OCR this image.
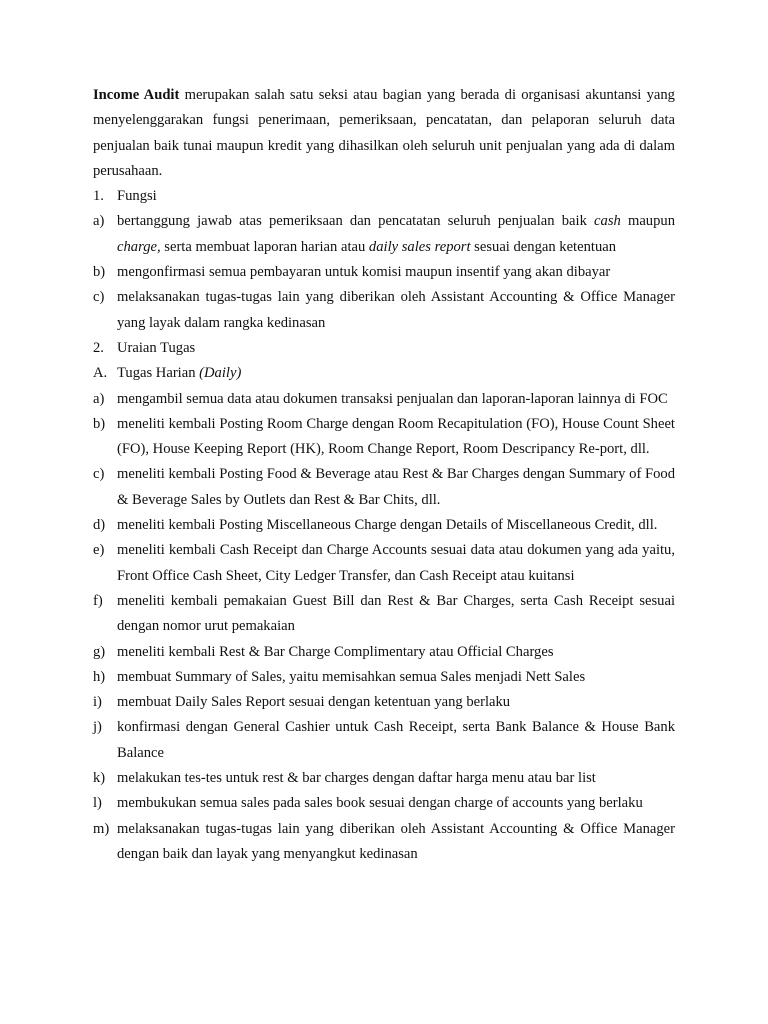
Income Audit merupakan salah satu seksi atau bagian yang berada di organisasi akuntansi yang menyelenggarakan fungsi penerimaan, pemeriksaan, pencatatan, dan pelaporan seluruh data penjualan baik tunai maupun kredit yang dihasilkan oleh seluruh unit penjualan yang ada di dalam perusahaan.

1. Fungsi
a) bertanggung jawab atas pemeriksaan dan pencatatan seluruh penjualan baik cash maupun charge, serta membuat laporan harian atau daily sales report sesuai dengan ketentuan
b) mengonfirmasi semua pembayaran untuk komisi maupun insentif yang akan dibayar
c) melaksanakan tugas-tugas lain yang diberikan oleh Assistant Accounting & Office Manager yang layak dalam rangka kedinasan
2. Uraian Tugas
A. Tugas Harian (Daily)
a) mengambil semua data atau dokumen transaksi penjualan dan laporan-laporan lainnya di FOC
b) meneliti kembali Posting Room Charge dengan Room Recapitulation (FO), House Count Sheet (FO), House Keeping Report (HK), Room Change Report, Room Descripancy Re-port, dll.
c) meneliti kembali Posting Food & Beverage atau Rest & Bar Charges dengan Summary of Food & Beverage Sales by Outlets dan Rest & Bar Chits, dll.
d) meneliti kembali Posting Miscellaneous Charge dengan Details of Miscellaneous Credit, dll.
e) meneliti kembali Cash Receipt dan Charge Accounts sesuai data atau dokumen yang ada yaitu, Front Office Cash Sheet, City Ledger Transfer, dan Cash Receipt atau kuitansi
f) meneliti kembali pemakaian Guest Bill dan Rest & Bar Charges, serta Cash Receipt sesuai dengan nomor urut pemakaian
g) meneliti kembali Rest & Bar Charge Complimentary atau Official Charges
h) membuat Summary of Sales, yaitu memisahkan semua Sales menjadi Nett Sales
i)	membuat Daily Sales Report sesuai dengan ketentuan yang berlaku
j)	konfirmasi dengan General Cashier untuk Cash Receipt, serta Bank Balance & House Bank Balance
k) melakukan tes-tes untuk rest & bar charges dengan daftar harga menu atau bar list
l)	membukukan semua sales pada sales book sesuai dengan charge of accounts yang berlaku
m) melaksanakan tugas-tugas lain yang diberikan oleh Assistant Accounting & Office Manager dengan baik dan layak yang menyangkut kedinasan
